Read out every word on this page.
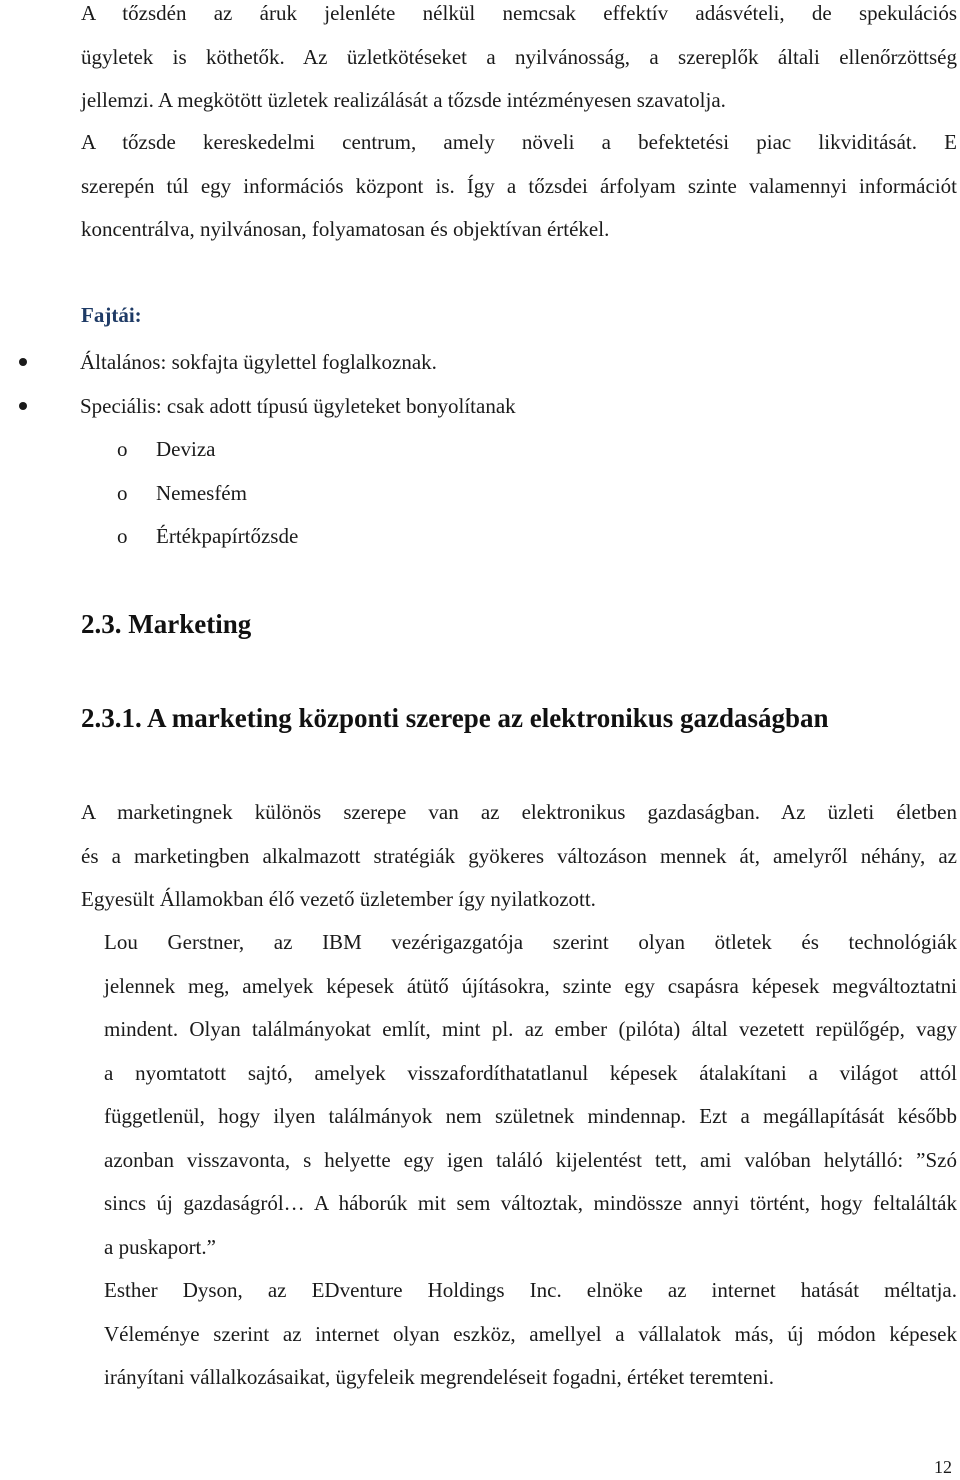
A tőzsdén az áruk jelenléte nélkül nemcsak effektív adásvételi, de spekulációs
ügyletek is köthetők. Az üzletkötéseket a nyilvánosság, a szereplők általi ellenőrzöttség
jellemzi. A megkötött üzletek realizálását a tőzsde intézményesen szavatolja.
A tőzsde kereskedelmi centrum, amely növeli a befektetési piac likviditását. E
szerepén túl egy információs központ is. Így a tőzsdei árfolyam szinte valamennyi információt
koncentrálva, nyilvánosan, folyamatosan és objektívan értékel.
Fajtái:
Általános: sokfajta ügylettel foglalkoznak.
Speciális: csak adott típusú ügyleteket bonyolítanak
o Deviza
o Nemesfém
o Értékpapírtőzsde
2.3. Marketing
2.3.1. A marketing központi szerepe az elektronikus gazdaságban
A marketingnek különös szerepe van az elektronikus gazdaságban. Az üzleti életben
és a marketingben alkalmazott stratégiák gyökeres változáson mennek át, amelyről néhány, az
Egyesült Államokban élő vezető üzletember így nyilatkozott.
Lou Gerstner, az IBM vezérigazgatója szerint olyan ötletek és technológiák
jelennek meg, amelyek képesek átütő újításokra, szinte egy csapásra képesek megváltoztatni
mindent. Olyan találmányokat említ, mint pl. az ember (pilóta) által vezetett repülőgép, vagy
a nyomtatott sajtó, amelyek visszafordíthatatlanul képesek átalakítani a világot attól
függetlenül, hogy ilyen találmányok nem születnek mindennap. Ezt a megállapítását később
azonban visszavonta, s helyette egy igen találó kijelentést tett, ami valóban helytálló: ”Szó
sincs új gazdaságról… A háborúk mit sem változtak, mindössze annyi történt, hogy feltalálták
a puskaport.”
Esther Dyson, az EDventure Holdings Inc. elnöke az internet hatását méltatja.
Véleménye szerint az internet olyan eszköz, amellyel a vállalatok más, új módon képesek
irányítani vállalkozásaikat, ügyfeleik megrendeléseit fogadni, értéket teremteni.
12
